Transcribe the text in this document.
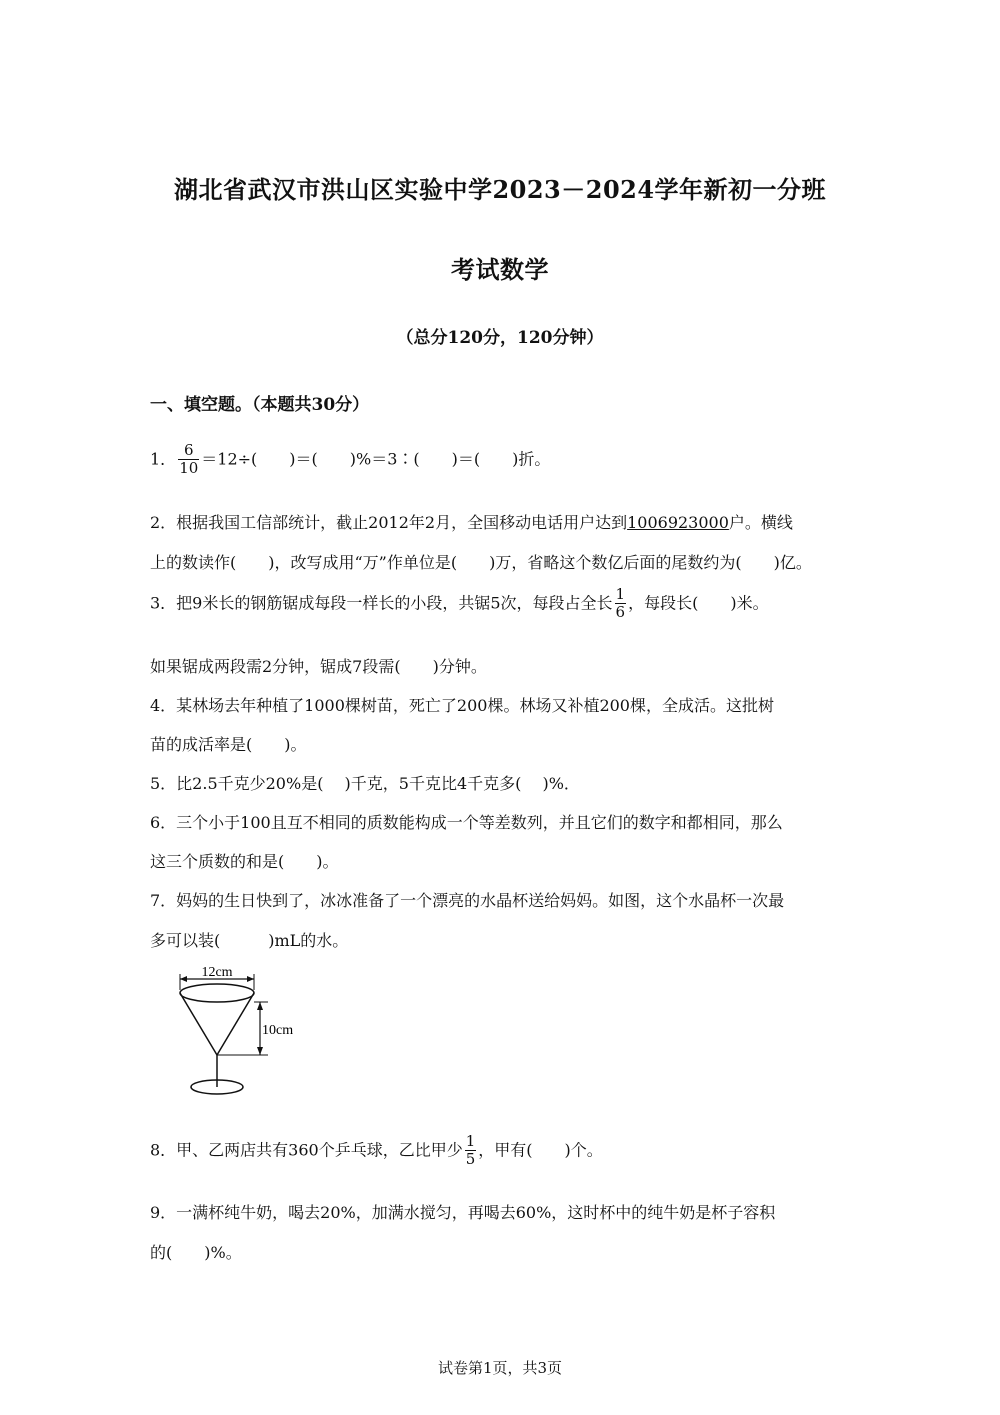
湖北省武汉市洪山区实验中学2023－2024学年新初一分班
考试数学
（总分120分，120分钟）
一、填空题。（本题共30分）
1． $\frac{6}{10} =12\div$(　　)＝(　　)%＝3∶(　　)＝(　　)折。
2．根据我国工信部统计，截止2012年2月，全国移动电话用户达到1006923000户。横线
上的数读作(　　)，改写成用“万”作单位是(　　)万，省略这个数亿后面的尾数约为(　　)亿。
3．把9米长的钢筋锯成每段一样长的小段，共锯5次，每段占全长 $\frac{1}{6}$ ，每段长(　　)米。
如果锯成两段需2分钟，锯成7段需(　　)分钟。
4．某林场去年种植了1000棵树苗，死亡了200棵。林场又补植200棵，全成活。这批树
苗的成活率是(　　)。
5．比2.5千克少20%是(　 )千克，5千克比4千克多(　 )%．
6．三个小于100且互不相同的质数能构成一个等差数列，并且它们的数字和都相同，那么
这三个质数的和是(　　)。
7．妈妈的生日快到了，冰冰准备了一个漂亮的水晶杯送给妈妈。如图，这个水晶杯一次最
多可以装(　　　)mL的水。
12cm
10cm
8．甲、乙两店共有360个乒乓球，乙比甲少 $\frac{1}{5}$ ，甲有(　　)个。
9．一满杯纯牛奶，喝去20%，加满水搅匀，再喝去60%，这时杯中的纯牛奶是杯子容积
的(　　)%。
试卷第1页，共3页
